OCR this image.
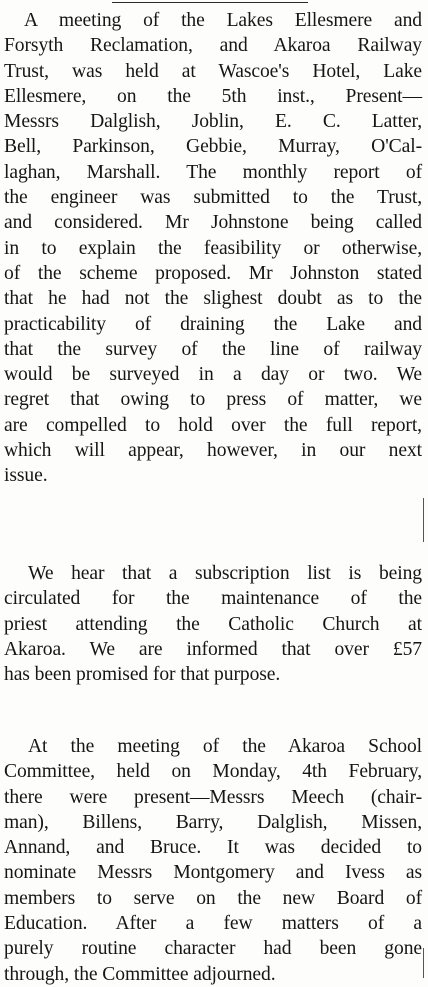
A meeting of the Lakes Ellesmere and
Forsyth Reclamation, and Akaroa Railway
Trust, was held at Wascoe's Hotel, Lake
Ellesmere, on the 5th inst., Present—
Messrs Dalglish, Joblin, E. C. Latter,
Bell, Parkinson, Gebbie, Murray, O'Cal-
laghan, Marshall. The monthly report of
the engineer was submitted to the Trust,
and considered. Mr Johnstone being called
in to explain the feasibility or otherwise,
of the scheme proposed. Mr Johnston stated
that he had not the slighest doubt as to the
practicability of draining the Lake and
that the survey of the line of railway
would be surveyed in a day or two. We
regret that owing to press of matter, we
are compelled to hold over the full report,
which will appear, however, in our next
issue.
We hear that a subscription list is being
circulated for the maintenance of the
priest attending the Catholic Church at
Akaroa. We are informed that over £57
has been promised for that purpose.
At the meeting of the Akaroa School
Committee, held on Monday, 4th February,
there were present—Messrs Meech (chair-
man), Billens, Barry, Dalglish, Missen,
Annand, and Bruce. It was decided to
nominate Messrs Montgomery and Ivess as
members to serve on the new Board of
Education. After a few matters of a
purely routine character had been gone
through, the Committee adjourned.
